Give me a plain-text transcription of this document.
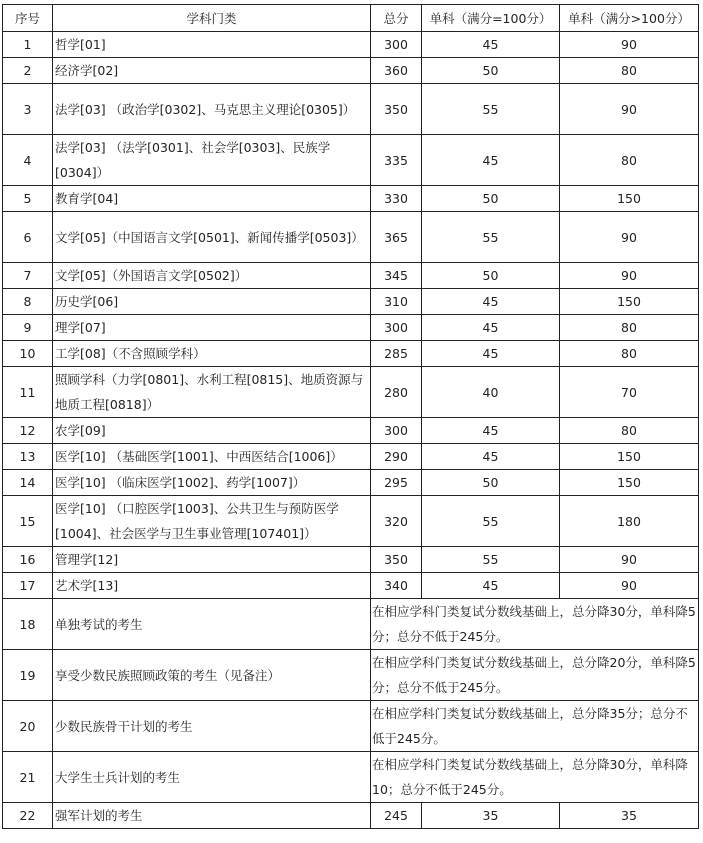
序号	学科门类	总分	单科（满分=100分）	单科（满分>100分）
1	哲学[01]	300	45	90
2	经济学[02]	360	50	80
3	法学[03] （政治学[0302]、马克思主义理论[0305]）	350	55	90
4	法学[03] （法学[0301]、社会学[0303]、民族学[0304]）	335	45	80
5	教育学[04]	330	50	150
6	文学[05]（中国语言文学[0501]、新闻传播学[0503]）	365	55	90
7	文学[05]（外国语言文学[0502]）	345	50	90
8	历史学[06]	310	45	150
9	理学[07]	300	45	80
10	工学[08]（不含照顾学科）	285	45	80
11	照顾学科（力学[0801]、水利工程[0815]、地质资源与地质工程[0818]）	280	40	70
12	农学[09]	300	45	80
13	医学[10] （基础医学[1001]、中西医结合[1006]）	290	45	150
14	医学[10] （临床医学[1002]、药学[1007]）	295	50	150
15	医学[10] （口腔医学[1003]、公共卫生与预防医学[1004]、社会医学与卫生事业管理[107401]）	320	55	180
16	管理学[12]	350	55	90
17	艺术学[13]	340	45	90
18	单独考试的考生	在相应学科门类复试分数线基础上，总分降30分，单科降5分；总分不低于245分。		
19	享受少数民族照顾政策的考生（见备注）	在相应学科门类复试分数线基础上，总分降20分，单科降5分；总分不低于245分。		
20	少数民族骨干计划的考生	在相应学科门类复试分数线基础上，总分降35分；总分不低于245分。		
21	大学生士兵计划的考生	在相应学科门类复试分数线基础上，总分降30分，单科降10；总分不低于245分。		
22	强军计划的考生	245	35	35
